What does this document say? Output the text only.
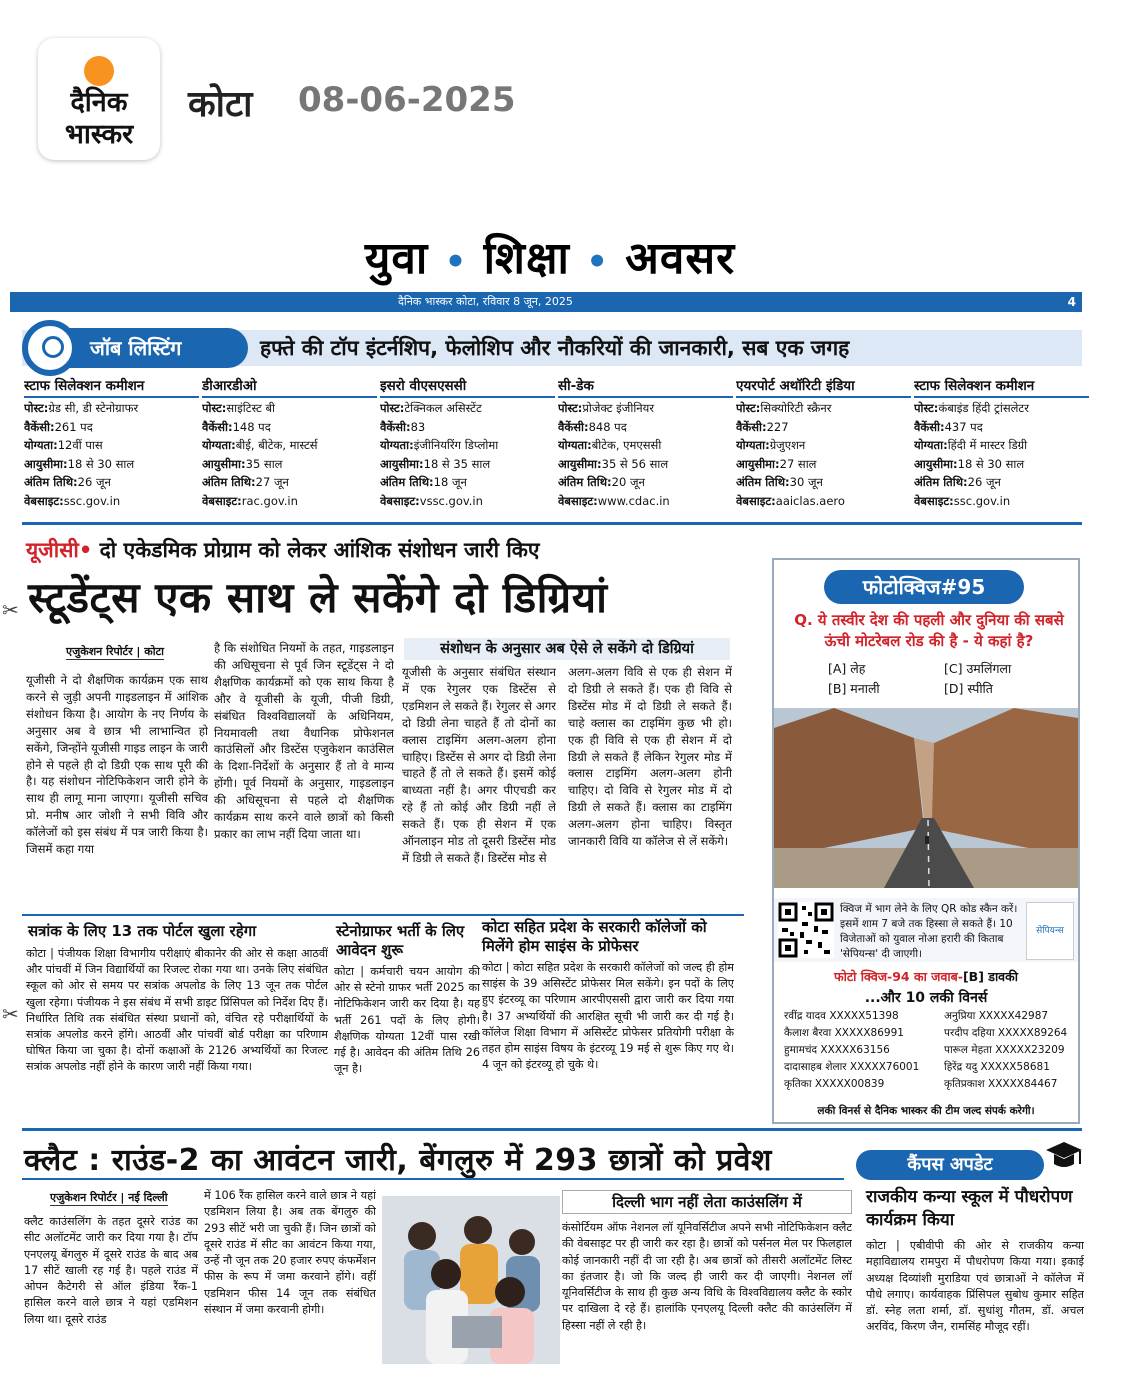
दैनिक
भास्कर
कोटा 08-06-2025
युवा • शिक्षा • अवसर
दैनिक भास्कर कोटा, रविवार 8 जून, 2025	4
जॉब लिस्टिंग	हफ्ते की टॉप इंटर्नशिप, फेलोशिप और नौकरियों की जानकारी, सब एक जगह
स्टाफ सिलेक्शन कमीशन
पोस्ट:ग्रेड सी, डी स्टेनोग्राफर
वैकेंसी:261 पद
योग्यता:12वीं पास
आयुसीमा:18 से 30 साल
अंतिम तिथि:26 जून
वेबसाइट:ssc.gov.in
डीआरडीओ
पोस्ट:साइंटिस्ट बी
वैकेंसी:148 पद
योग्यता:बीई, बीटेक, मास्टर्स
आयुसीमा:35 साल
अंतिम तिथि:27 जून
वेबसाइट:rac.gov.in
इसरो वीएसएससी
पोस्ट:टेक्निकल असिस्टेंट
वैकेंसी:83
योग्यता:इंजीनियरिंग डिप्लोमा
आयुसीमा:18 से 35 साल
अंतिम तिथि:18 जून
वेबसाइट:vssc.gov.in
सी-डेक
पोस्ट:प्रोजेक्ट इंजीनियर
वैकेंसी:848 पद
योग्यता:बीटेक, एमएससी
आयुसीमा:35 से 56 साल
अंतिम तिथि:20 जून
वेबसाइट:www.cdac.in
एयरपोर्ट अथॉरिटी इंडिया
पोस्ट:सिक्योरिटी स्क्रैनर
वैकेंसी:227
योग्यता:ग्रेजुएशन
आयुसीमा:27 साल
अंतिम तिथि:30 जून
वेबसाइट:aaiclas.aero
स्टाफ सिलेक्शन कमीशन
पोस्ट:कंबाइंड हिंदी ट्रांसलेटर
वैकेंसी:437 पद
योग्यता:हिंदी में मास्टर डिग्री
आयुसीमा:18 से 30 साल
अंतिम तिथि:26 जून
वेबसाइट:ssc.gov.in
यूजीसी• दो एकेडमिक प्रोग्राम को लेकर आंशिक संशोधन जारी किए
✂ स्टूडेंट्स एक साथ ले सकेंगे दो डिग्रियां
एजुकेशन रिपोर्टर | कोटा
यूजीसी ने दो शैक्षणिक कार्यक्रम एक साथ करने से जुड़ी अपनी गाइडलाइन में आंशिक संशोधन किया है। आयोग के नए निर्णय के अनुसार अब वे छात्र भी लाभान्वित हो सकेंगे, जिन्होंने यूजीसी गाइड लाइन के जारी होने से पहले ही दो डिग्री एक साथ पूरी की है। यह संशोधन नोटिफिकेशन जारी होने के साथ ही लागू माना जाएगा। यूजीसी सचिव प्रो. मनीष आर जोशी ने सभी विवि और कॉलेजों को इस संबंध में पत्र जारी किया है। जिसमें कहा गया
है कि संशोधित नियमों के तहत, गाइडलाइन की अधिसूचना से पूर्व जिन स्टूडेंट्स ने दो शैक्षणिक कार्यक्रमों को एक साथ किया है और वे यूजीसी के यूजी, पीजी डिग्री, संबंधित विश्वविद्यालयों के अधिनियम, नियमावली तथा वैधानिक प्रोफेशनल काउंसिलों और डिस्टेंस एजुकेशन काउंसिल के दिशा-निर्देशों के अनुसार हैं तो वे मान्य होंगी। पूर्व नियमों के अनुसार, गाइडलाइन की अधिसूचना से पहले दो शैक्षणिक कार्यक्रम साथ करने वाले छात्रों को किसी प्रकार का लाभ नहीं दिया जाता था।
संशोधन के अनुसार अब ऐसे ले सकेंगे दो डिग्रियां
यूजीसी के अनुसार संबंधित संस्थान में एक रेगुलर एक डिस्टेंस से एडमिशन ले सकते हैं। रेगुलर से अगर दो डिग्री लेना चाहते हैं तो दोनों का क्लास टाइमिंग अलग-अलग होना चाहिए। डिस्टेंस से अगर दो डिग्री लेना चाहते हैं तो ले सकते हैं। इसमें कोई बाध्यता नहीं है। अगर पीएचडी कर रहे हैं तो कोई और डिग्री नहीं ले सकते हैं। एक ही सेशन में एक ऑनलाइन मोड तो दूसरी डिस्टेंस मोड में डिग्री ले सकते हैं। डिस्टेंस मोड से
अलग-अलग विवि से एक ही सेशन में दो डिग्री ले सकते हैं। एक ही विवि से डिस्टेंस मोड में दो डिग्री ले सकते हैं। चाहे क्लास का टाइमिंग कुछ भी हो। एक ही विवि से एक ही सेशन में दो डिग्री ले सकते हैं लेकिन रेगुलर मोड में क्लास टाइमिंग अलग-अलग होनी चाहिए। दो विवि से रेगुलर मोड में दो डिग्री ले सकते हैं। क्लास का टाइमिंग अलग-अलग होना चाहिए। विस्तृत जानकारी विवि या कॉलेज से लें सकेंगे।
फोटोक्विज#95
Q. ये तस्वीर देश की पहली और दुनिया की सबसे ऊंची मोटरेबल रोड की है - ये कहां है?
[A] लेह	[C] उमलिंगला
[B] मनाली	[D] स्पीति
क्विज में भाग लेने के लिए QR कोड स्कैन करें। इसमें शाम 7 बजे तक हिस्सा ले सकते हैं। 10 विजेताओं को युवाल नोआ हरारी की किताब 'सेपियन्स' दी जाएगी।
सेपियन्स
फोटो क्विज-94 का जवाब-[B] डावकी
...और 10 लकी विनर्स
रवींद्र यादव XXXXX51398	अनुप्रिया XXXXX42987
कैलाश बैरवा XXXXX86991	परदीप दहिया XXXXX89264
हुमामचंद XXXXX63156	पारूल मेहता XXXXX23209
दादासाहब शेलार XXXXX76001 हिरेंद्र यदु XXXXX58681
कृतिका XXXXX00839	कृतिप्रकाश XXXXX84467
लकी विनर्स से दैनिक भास्कर की टीम जल्द संपर्क करेगी।
सत्रांक के लिए 13 तक पोर्टल खुला रहेगा
✂
कोटा | पंजीयक शिक्षा विभागीय परीक्षाएं बीकानेर की ओर से कक्षा आठवीं और पांचवीं में जिन विद्यार्थियों का रिजल्ट रोका गया था। उनके लिए संबंधित स्कूल को ओर से समय पर सत्रांक अपलोड के लिए 13 जून तक पोर्टल खुला रहेगा। पंजीयक ने इस संबंध में सभी डाइट प्रिंसिपल को निर्देश दिए हैं। निर्धारित तिथि तक संबंधित संस्था प्रधानों को, वंचित रहे परीक्षार्थियों के सत्रांक अपलोड करने होंगे। आठवीं और पांचवीं बोर्ड परीक्षा का परिणाम घोषित किया जा चुका है। दोनों कक्षाओं के 2126 अभ्यर्थियों का रिजल्ट सत्रांक अपलोड नहीं होने के कारण जारी नहीं किया गया।
स्टेनोग्राफर भर्ती के लिए आवेदन शुरू
कोटा | कर्मचारी चयन आयोग की ओर से स्टेनो ग्राफर भर्ती 2025 का नोटिफिकेशन जारी कर दिया है। यह भर्ती 261 पदों के लिए होगी। शैक्षणिक योग्यता 12वीं पास रखी गई है। आवेदन की अंतिम तिथि 26 जून है।
कोटा सहित प्रदेश के सरकारी कॉलेजों को मिलेंगे होम साइंस के प्रोफेसर
कोटा | कोटा सहित प्रदेश के सरकारी कॉलेजों को जल्द ही होम साइंस के 39 असिस्टेंट प्रोफेसर मिल सकेंगे। इन पदों के लिए हुए इंटरव्यू का परिणाम आरपीएससी द्वारा जारी कर दिया गया है। 37 अभ्यर्थियों की आरक्षित सूची भी जारी कर दी गई है। कॉलेज शिक्षा विभाग में असिस्टेंट प्रोफेसर प्रतियोगी परीक्षा के तहत होम साइंस विषय के इंटरव्यू 19 मई से शुरू किए गए थे। 4 जून को इंटरव्यू हो चुके थे।
क्लैट : राउंड-2 का आवंटन जारी, बेंगलुरु में 293 छात्रों को प्रवेश	कैंपस अपडेट
एजुकेशन रिपोर्टर | नई दिल्ली
क्लैट काउंसलिंग के तहत दूसरे राउंड का सीट अलॉटमेंट जारी कर दिया गया है। टॉप एनएलयू बेंगलुरु में दूसरे राउंड के बाद अब 17 सीटें खाली रह गई है। पहले राउंड में ओपन कैटेगरी से ऑल इंडिया रैंक-1 हासिल करने वाले छात्र ने यहां एडमिशन लिया था। दूसरे राउंड
में 106 रैंक हासिल करने वाले छात्र ने यहां एडमिशन लिया है। अब तक बेंगलुरु की 293 सीटें भरी जा चुकी हैं। जिन छात्रों को दूसरे राउंड में सीट का आवंटन किया गया, उन्हें नौ जून तक 20 हजार रुपए कंफर्मेशन फीस के रूप में जमा करवाने होंगे। वहीं एडमिशन फीस 14 जून तक संबंधित संस्थान में जमा करवानी होगी।
दिल्ली भाग नहीं लेता काउंसलिंग में
कंसोर्टियम ऑफ नेशनल लॉ यूनिवर्सिटीज अपने सभी नोटिफिकेशन क्लैट की वेबसाइट पर ही जारी कर रहा है। छात्रों को पर्सनल मेल पर फिलहाल कोई जानकारी नहीं दी जा रही है। अब छात्रों को तीसरी अलॉटमेंट लिस्ट का इंतजार है। जो कि जल्द ही जारी कर दी जाएगी। नेशनल लॉ यूनिवर्सिटीज के साथ ही कुछ अन्य विधि के विश्वविद्यालय क्लैट के स्कोर पर दाखिला दे रहे हैं। हालांकि एनएलयू दिल्ली क्लैट की काउंसलिंग में हिस्सा नहीं ले रही है।
राजकीय कन्या स्कूल में पौधरोपण कार्यक्रम किया
कोटा | एबीवीपी की ओर से राजकीय कन्या महाविद्यालय रामपुरा में पौधरोपण किया गया। इकाई अध्यक्ष दिव्यांशी मुराडिया एवं छात्राओं ने कॉलेज में पौधे लगाए। कार्यवाहक प्रिंसिपल सुबोध कुमार सहित डॉ. स्नेह लता शर्मा, डॉ. सुधांशु गौतम, डॉ. अचल अरविंद, किरण जैन, रामसिंह मौजूद रहीं।
